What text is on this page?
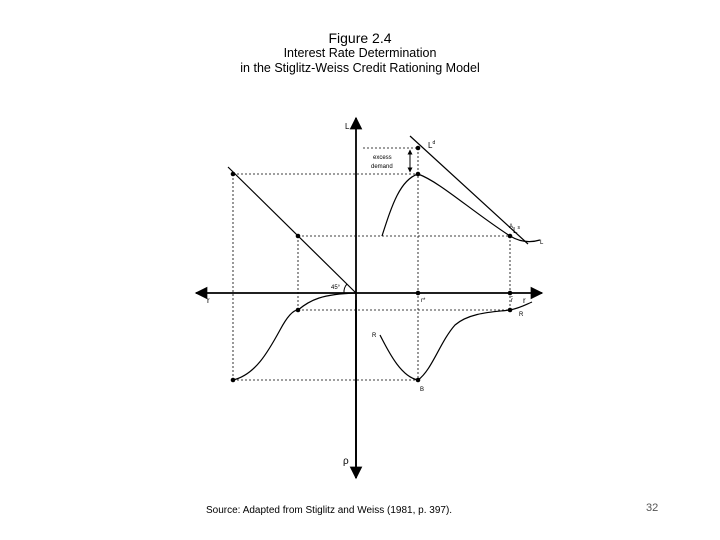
Figure 2.4
Interest Rate Determination
in the Stiglitz-Weiss Credit Rationing Model
L
ρ
r	r
$L^d$
$L^s$
L
excess
demand
45°
A
B
r*	r̂
R
R
Source: Adapted from Stiglitz and Weiss (1981, p. 397).	32
